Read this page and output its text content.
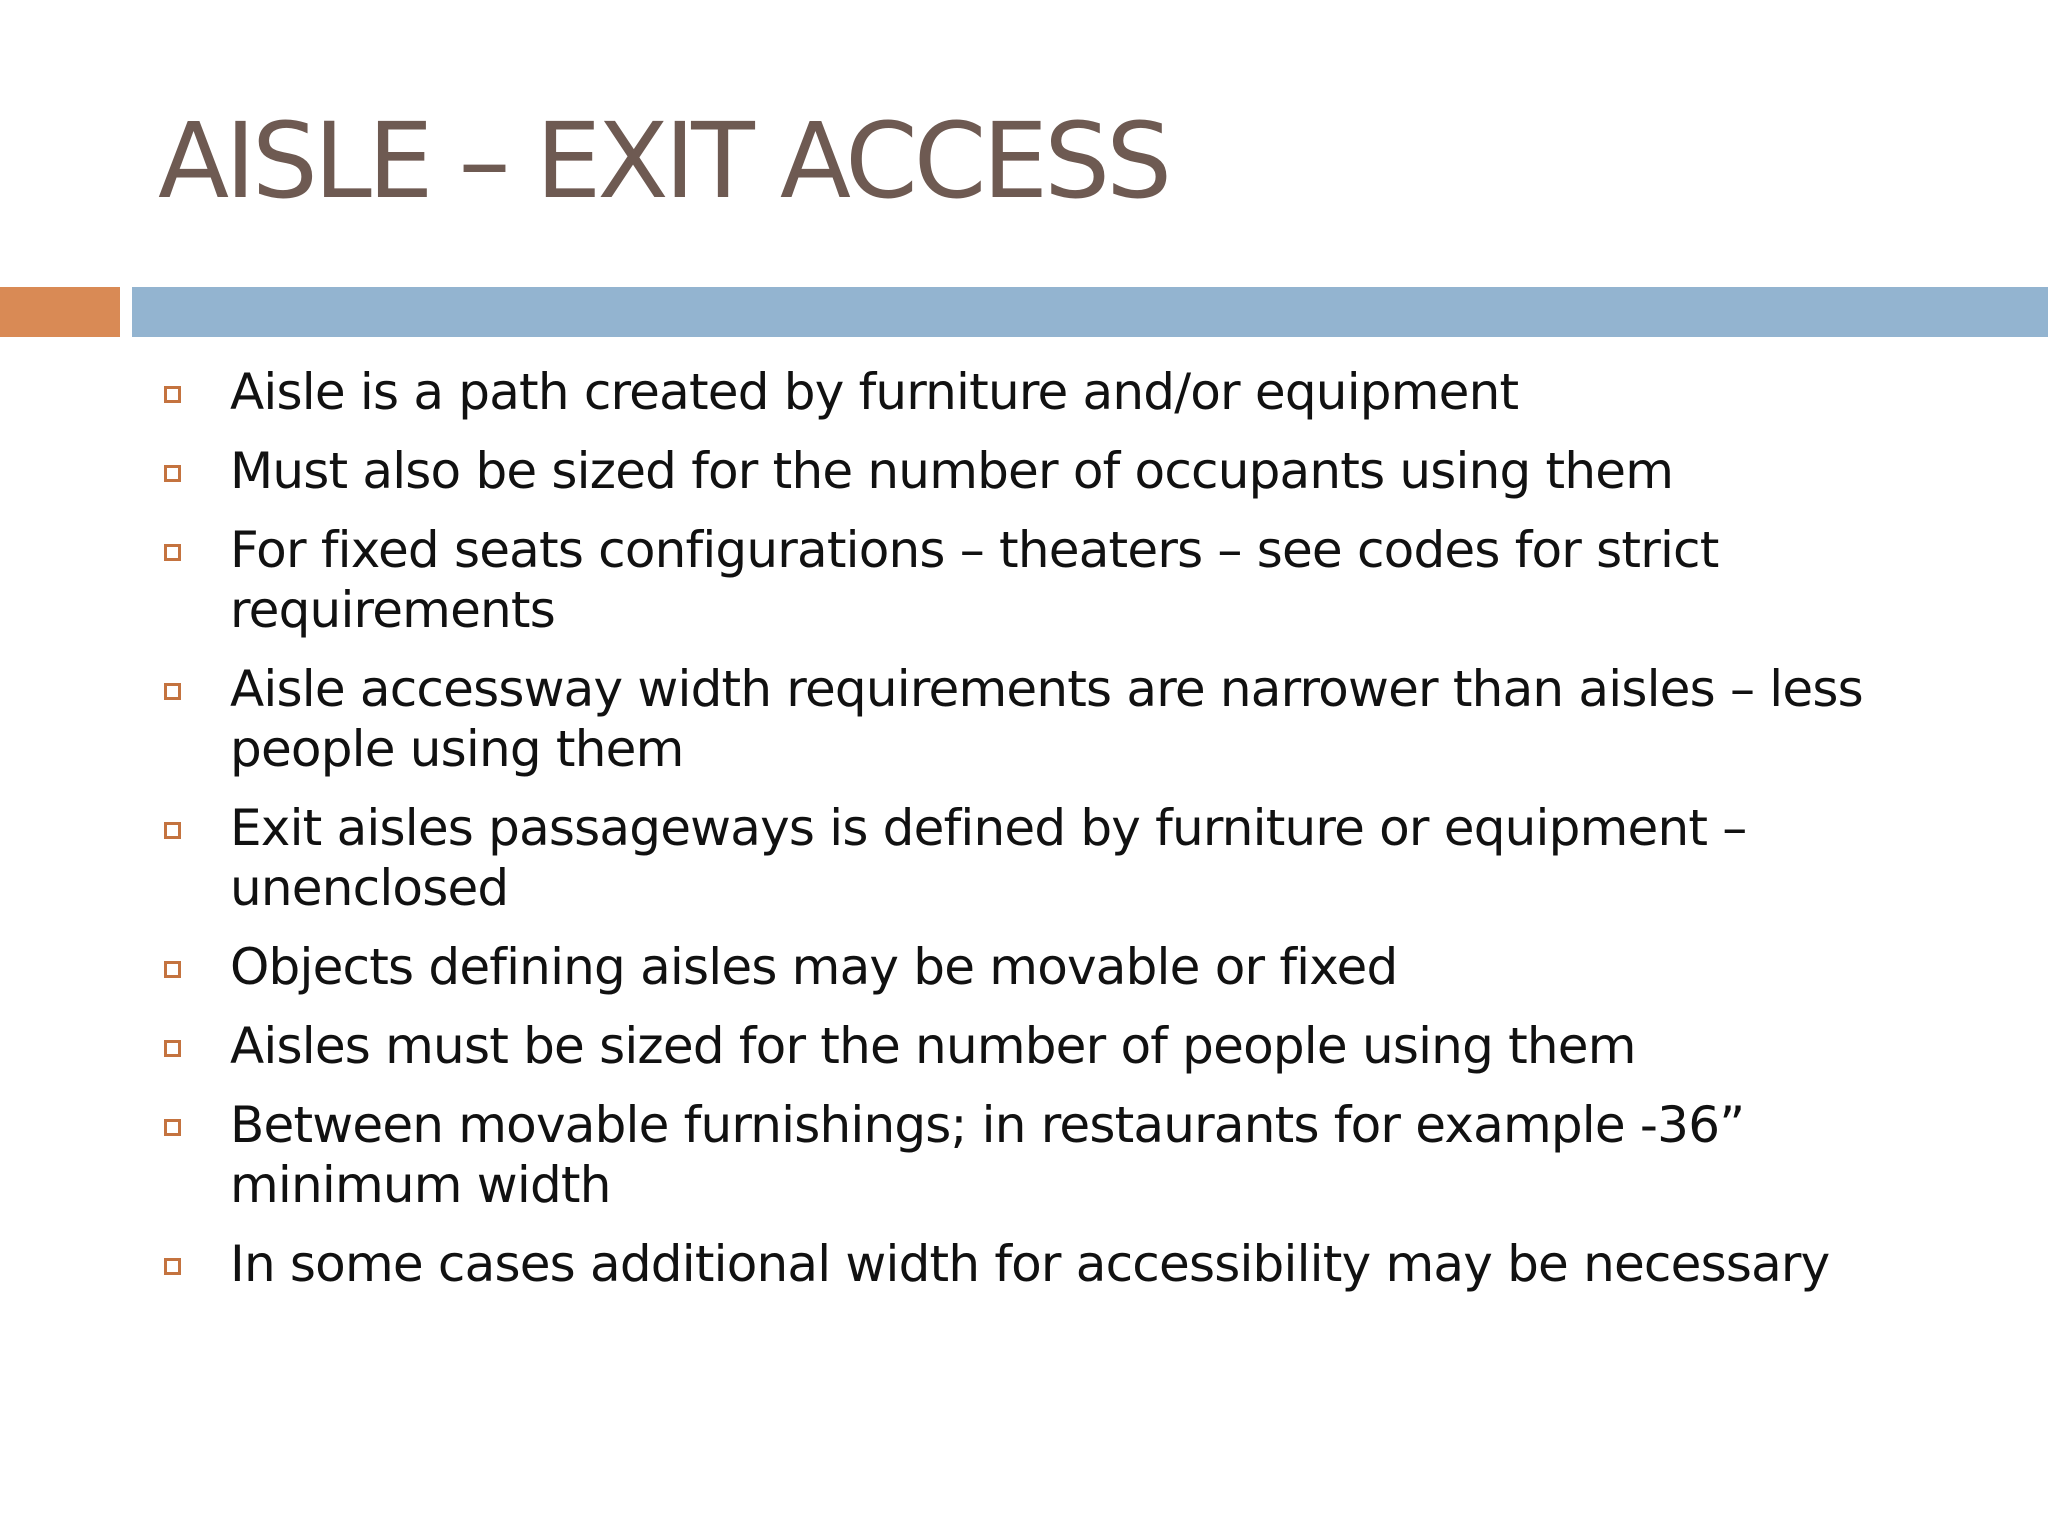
AISLE – EXIT ACCESS
Aisle is a path created by furniture and/or equipment
Must also be sized for the number of occupants using them
For fixed seats configurations – theaters – see codes for strict requirements
Aisle accessway width requirements are narrower than aisles – less people using them
Exit aisles passageways is defined by furniture or equipment – unenclosed
Objects defining aisles may be movable or fixed
Aisles must be sized for the number of people using them
Between movable furnishings; in restaurants for example -36” minimum width
In some cases additional width for accessibility may be necessary
